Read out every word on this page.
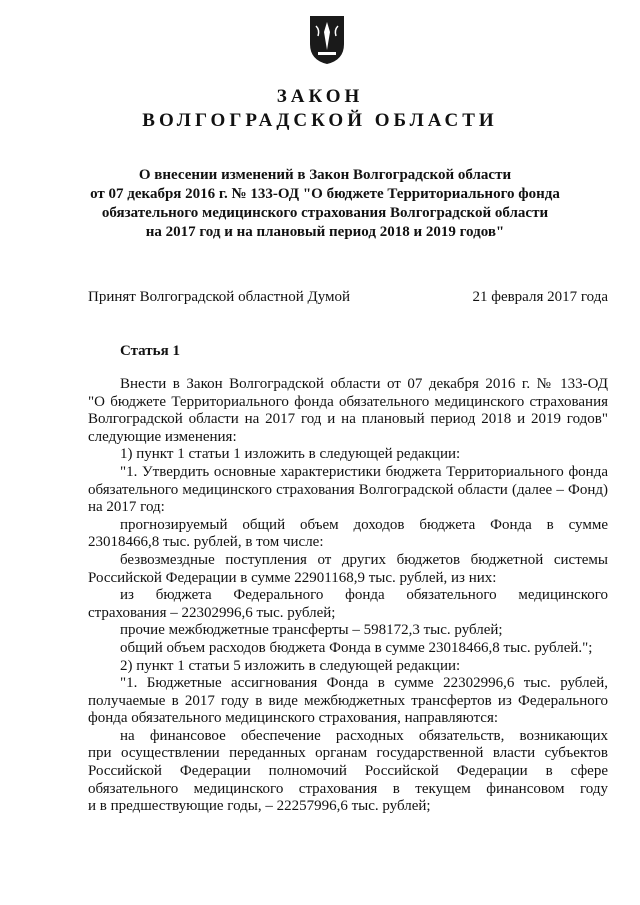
ЗАКОН
ВОЛГОГРАДСКОЙ ОБЛАСТИ
О внесении изменений в Закон Волгоградской области
от 07 декабря 2016 г. № 133-ОД "О бюджете Территориального фонда
обязательного медицинского страхования Волгоградской области
на 2017 год и на плановый период 2018 и 2019 годов"
Принят Волгоградской областной Думой	21 февраля 2017 года
Статья 1
Внести в Закон Волгоградской области от 07 декабря 2016 г. № 133-ОД
"О бюджете Территориального фонда обязательного медицинского страхования
Волгоградской области на 2017 год и на плановый период 2018 и 2019 годов"
следующие изменения:
1) пункт 1 статьи 1 изложить в следующей редакции:
"1. Утвердить основные характеристики бюджета Территориального фонда
обязательного медицинского страхования Волгоградской области (далее – Фонд)
на 2017 год:
прогнозируемый общий объем доходов бюджета Фонда в сумме
23018466,8 тыс. рублей, в том числе:
безвозмездные поступления от других бюджетов бюджетной системы
Российской Федерации в сумме 22901168,9 тыс. рублей, из них:
из бюджета Федерального фонда обязательного медицинского
страхования – 22302996,6 тыс. рублей;
прочие межбюджетные трансферты – 598172,3 тыс. рублей;
общий объем расходов бюджета Фонда в сумме 23018466,8 тыс. рублей.";
2) пункт 1 статьи 5 изложить в следующей редакции:
"1. Бюджетные ассигнования Фонда в сумме 22302996,6 тыс. рублей,
получаемые в 2017 году в виде межбюджетных трансфертов из Федерального
фонда обязательного медицинского страхования, направляются:
на финансовое обеспечение расходных обязательств, возникающих
при осуществлении переданных органам государственной власти субъектов
Российской Федерации полномочий Российской Федерации в сфере
обязательного медицинского страхования в текущем финансовом году
и в предшествующие годы, – 22257996,6 тыс. рублей;
